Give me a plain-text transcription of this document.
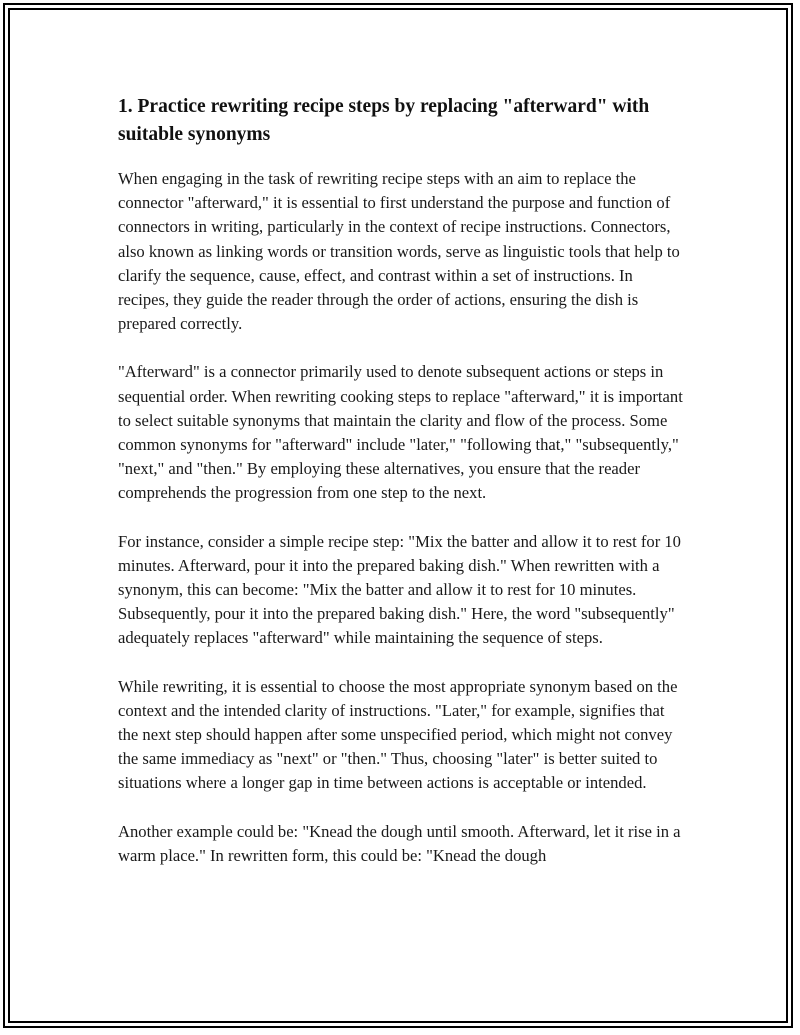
1. Practice rewriting recipe steps by replacing "afterward" with suitable synonyms

When engaging in the task of rewriting recipe steps with an aim to replace the connector "afterward," it is essential to first understand the purpose and function of connectors in writing, particularly in the context of recipe instructions. Connectors, also known as linking words or transition words, serve as linguistic tools that help to clarify the sequence, cause, effect, and contrast within a set of instructions. In recipes, they guide the reader through the order of actions, ensuring the dish is prepared correctly.

"Afterward" is a connector primarily used to denote subsequent actions or steps in sequential order. When rewriting cooking steps to replace "afterward," it is important to select suitable synonyms that maintain the clarity and flow of the process. Some common synonyms for "afterward" include "later," "following that," "subsequently," "next," and "then." By employing these alternatives, you ensure that the reader comprehends the progression from one step to the next.

For instance, consider a simple recipe step: "Mix the batter and allow it to rest for 10 minutes. Afterward, pour it into the prepared baking dish." When rewritten with a synonym, this can become: "Mix the batter and allow it to rest for 10 minutes. Subsequently, pour it into the prepared baking dish." Here, the word "subsequently" adequately replaces "afterward" while maintaining the sequence of steps.

While rewriting, it is essential to choose the most appropriate synonym based on the context and the intended clarity of instructions. "Later," for example, signifies that the next step should happen after some unspecified period, which might not convey the same immediacy as "next" or "then." Thus, choosing "later" is better suited to situations where a longer gap in time between actions is acceptable or intended.

Another example could be: "Knead the dough until smooth. Afterward, let it rise in a warm place." In rewritten form, this could be: "Knead the dough
